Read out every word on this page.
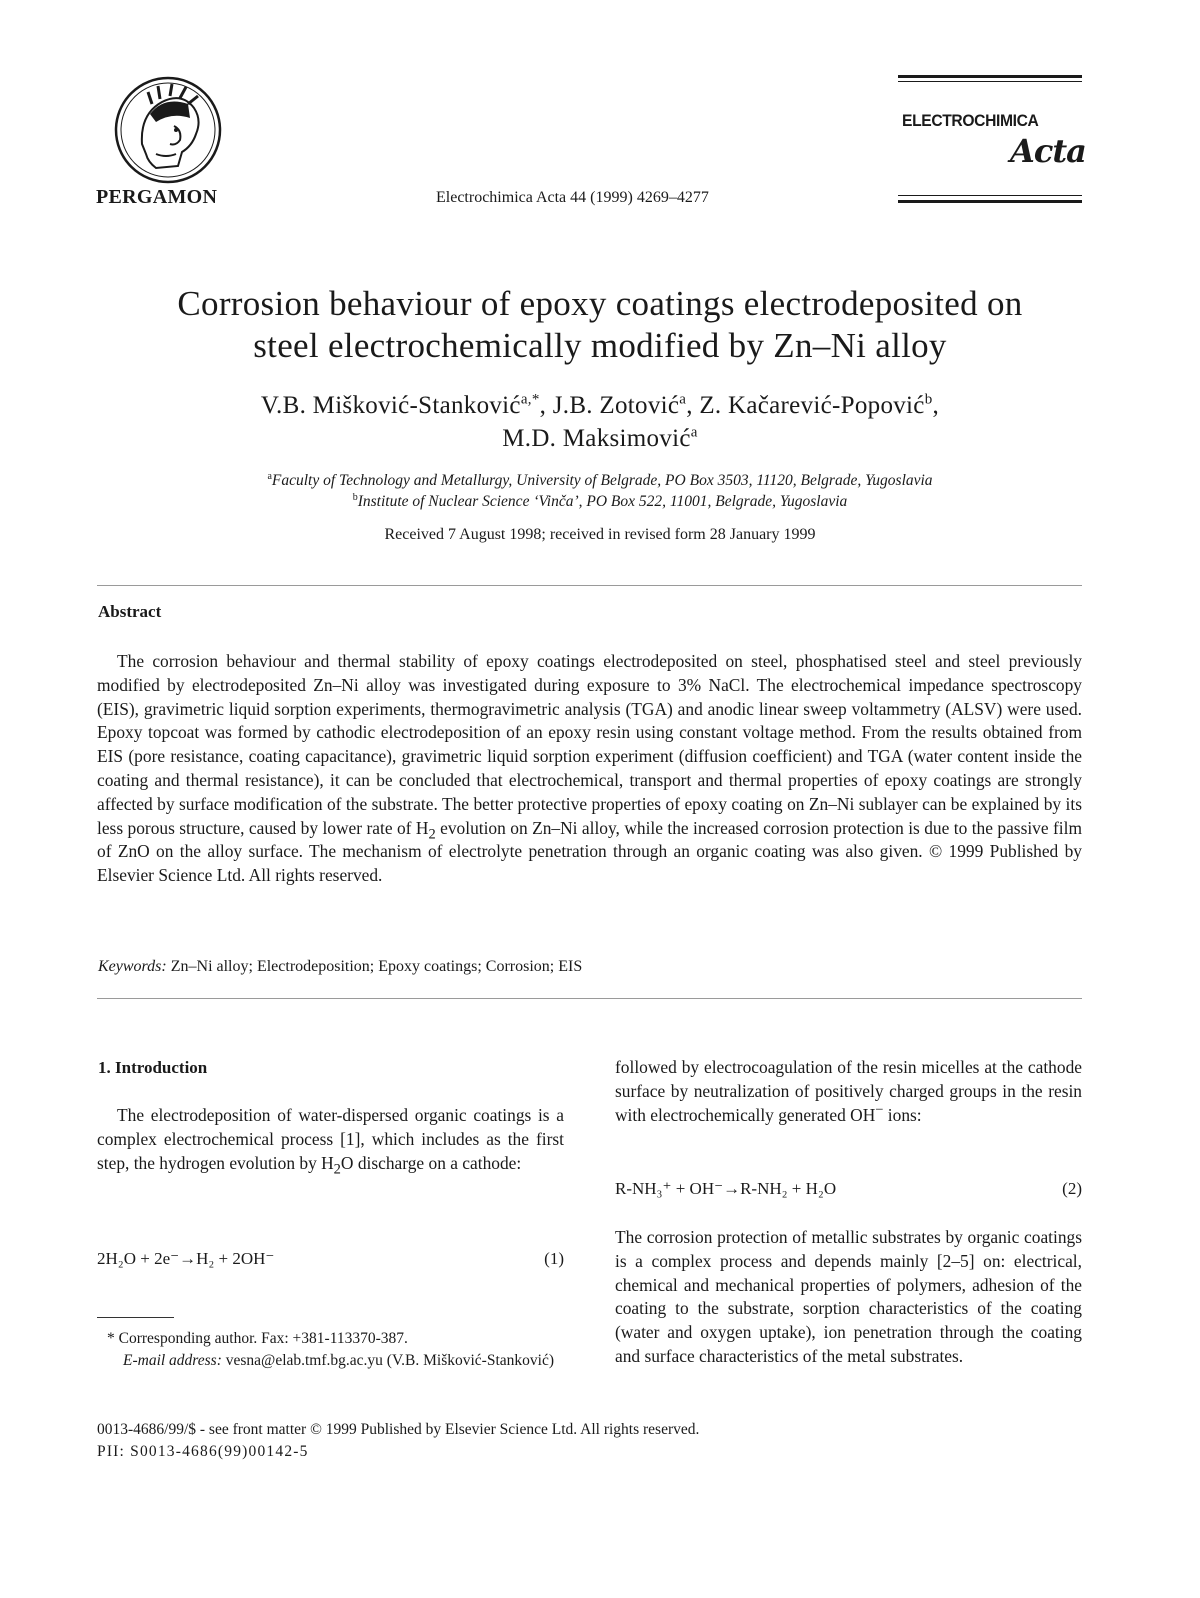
PERGAMON	Electrochimica Acta 44 (1999) 4269–4277
ELECTROCHIMICA
Acta
Corrosion behaviour of epoxy coatings electrodeposited on
steel electrochemically modified by Zn–Ni alloy
V.B. Mišković-Stanković$^{a,*}$, J.B. Zotović$^a$, Z. Kačarević-Popović$^b$,
M.D. Maksimović$^a$
$^a$Faculty of Technology and Metallurgy, University of Belgrade, PO Box 3503, 11120, Belgrade, Yugoslavia
$^b$Institute of Nuclear Science ‘Vinča’, PO Box 522, 11001, Belgrade, Yugoslavia
Received 7 August 1998; received in revised form 28 January 1999
Abstract
The corrosion behaviour and thermal stability of epoxy coatings electrodeposited on steel, phosphatised steel and steel previously modified by electrodeposited Zn–Ni alloy was investigated during exposure to 3% NaCl. The electrochemical impedance spectroscopy (EIS), gravimetric liquid sorption experiments, thermogravimetric analysis (TGA) and anodic linear sweep voltammetry (ALSV) were used. Epoxy topcoat was formed by cathodic electrodeposition of an epoxy resin using constant voltage method. From the results obtained from EIS (pore resistance, coating capacitance), gravimetric liquid sorption experiment (diffusion coefficient) and TGA (water content inside the coating and thermal resistance), it can be concluded that electrochemical, transport and thermal properties of epoxy coatings are strongly affected by surface modification of the substrate. The better protective properties of epoxy coating on Zn–Ni sublayer can be explained by its less porous structure, caused by lower rate of $H_2$ evolution on Zn–Ni alloy, while the increased corrosion protection is due to the passive film of ZnO on the alloy surface. The mechanism of electrolyte penetration through an organic coating was also given. © 1999 Published by Elsevier Science Ltd. All rights reserved.
Keywords: Zn–Ni alloy; Electrodeposition; Epoxy coatings; Corrosion; EIS
1. Introduction
The electrodeposition of water-dispersed organic coatings is a complex electrochemical process [1], which includes as the first step, the hydrogen evolution by $H_2O$ discharge on a cathode:
2H₂O + 2e⁻→H₂ + 2OH⁻	(1)
* Corresponding author. Fax: +381-113370-387.
E-mail address: vesna@elab.tmf.bg.ac.yu (V.B. Mišković-Stanković)
followed by electrocoagulation of the resin micelles at the cathode surface by neutralization of positively charged groups in the resin with electrochemically generated OH− ions:
R-NH₃⁺ + OH⁻→R-NH₂ + H₂O	(2)
The corrosion protection of metallic substrates by organic coatings is a complex process and depends mainly [2–5] on: electrical, chemical and mechanical properties of polymers, adhesion of the coating to the substrate, sorption characteristics of the coating (water and oxygen uptake), ion penetration through the coating and surface characteristics of the metal substrates.
0013-4686/99/$ - see front matter © 1999 Published by Elsevier Science Ltd. All rights reserved.
PII: S0013-4686(99)00142-5
